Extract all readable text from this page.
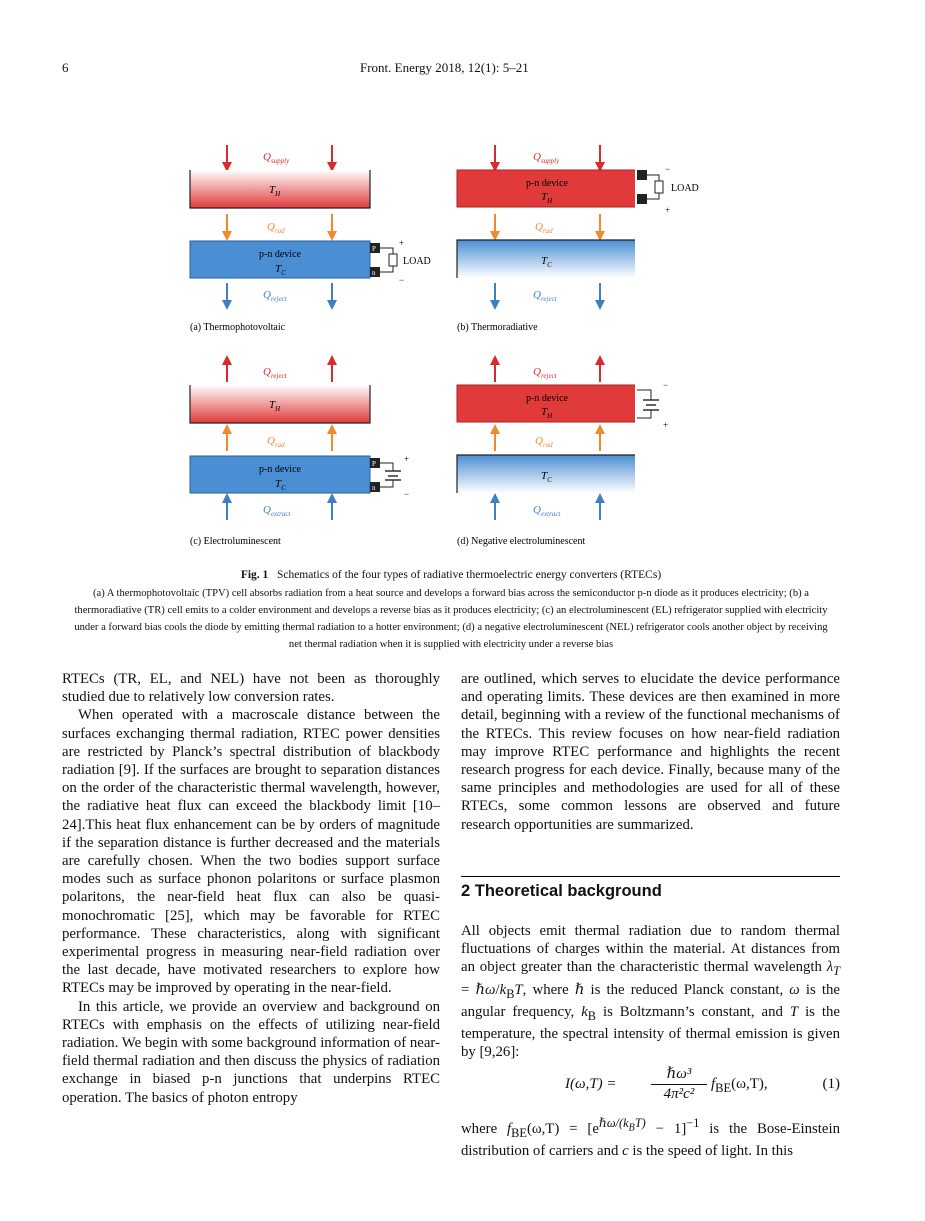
6	Front. Energy 2018, 12(1): 5–21
$Q_{supply}$
$T_H$
$Q_{rad}$
p-n device
$T_C$
P
n
+
−
LOAD
$Q_{reject}$
(a) Thermophotovoltaic
$Q_{supply}$
p-n device
$T_H$
$Q_{rad}$
$T_C$
$Q_{reject}$
(b) Thermoradiative
$Q_{reject}$
$T_H$
$Q_{rad}$
p-n device
$T_C$
P
n
+
−
$Q_{extract}$
(c) Electroluminescent
$Q_{reject}$
p-n device
$T_H$
$Q_{rad}$
$T_C$
$Q_{extract}$
(d) Negative electroluminescent
−
+
LOAD
−
+
Fig. 1 Schematics of the four types of radiative thermoelectric energy converters (RTECs)
(a) A thermophotovoltaic (TPV) cell absorbs radiation from a heat source and develops a forward bias across the semiconductor p-n diode as it produces electricity; (b) a thermoradiative (TR) cell emits to a colder environment and develops a reverse bias as it produces electricity; (c) an electroluminescent (EL) refrigerator supplied with electricity under a forward bias cools the diode by emitting thermal radiation to a hotter environment; (d) a negative electroluminescent (NEL) refrigerator cools another object by receiving net thermal radiation when it is supplied with electricity under a reverse bias

RTECs (TR, EL, and NEL) have not been as thoroughly studied due to relatively low conversion rates.

When operated with a macroscale distance between the surfaces exchanging thermal radiation, RTEC power densities are restricted by Planck’s spectral distribution of blackbody radiation [9]. If the surfaces are brought to separation distances on the order of the characteristic thermal wavelength, however, the radiative heat flux can exceed the blackbody limit [10–24].This heat flux enhancement can be by orders of magnitude if the separation distance is further decreased and the materials are carefully chosen. When the two bodies support surface modes such as surface phonon polaritons or surface plasmon polaritons, the near-field heat flux can also be quasi-monochromatic [25], which may be favorable for RTEC performance. These characteristics, along with significant experimental progress in measuring near-field radiation over the last decade, have motivated researchers to explore how RTECs may be improved by operating in the near-field.

In this article, we provide an overview and background on RTECs with emphasis on the effects of utilizing near-field radiation. We begin with some background information of near-field thermal radiation and then discuss the physics of radiation exchange in biased p-n junctions that underpins RTEC operation. The basics of photon entropy

are outlined, which serves to elucidate the device performance and operating limits. These devices are then examined in more detail, beginning with a review of the functional mechanisms of the RTECs. This review focuses on how near-field radiation may improve RTEC performance and highlights the recent research progress for each device. Finally, because many of the same principles and methodologies are used for all of these RTECs, some common lessons are observed and future research opportunities are summarized.

2 Theoretical background

All objects emit thermal radiation due to random thermal fluctuations of charges within the material. At distances from an object greater than the characteristic thermal wavelength $\lambda_T$ = $\hbar\omega/k_BT$, where ℏ is the reduced Planck constant, ω is the angular frequency, $k_B$ is Boltzmann’s constant, and T is the temperature, the spectral intensity of thermal emission is given by [9,26]:

I(ω,T) =
ℏω³
4π²c²
$f_{BE}(\omega,T)$,	(1)

where $f_{BE}(\omega,T) = [e^{\hbar\omega/(k_BT)} - 1]^{-1}$ is the Bose-Einstein distribution of carriers and c is the speed of light. In this
